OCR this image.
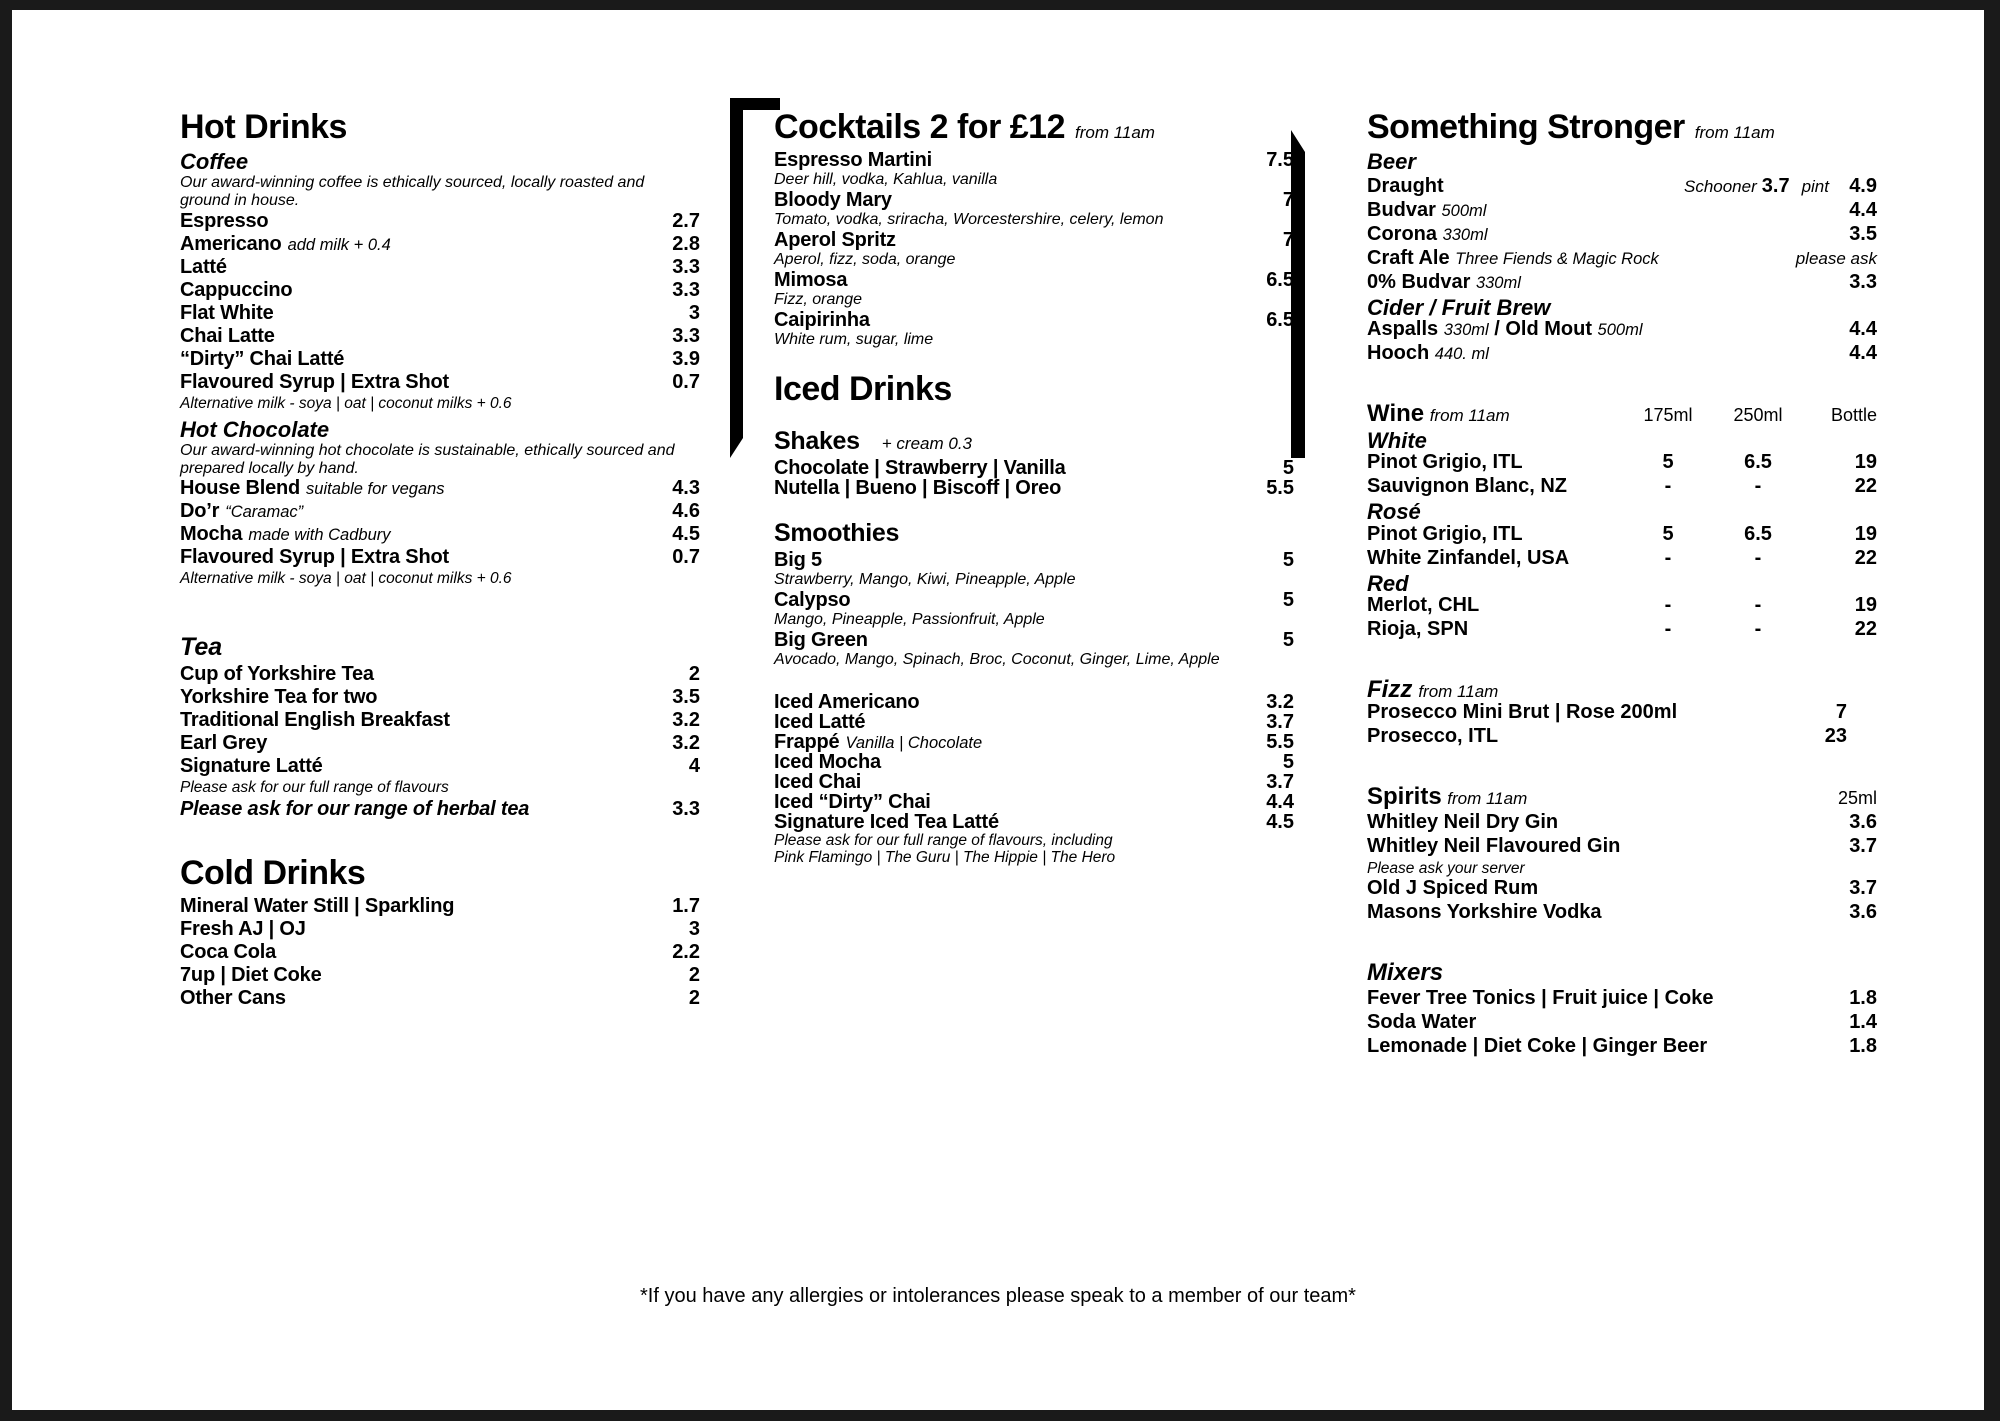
Hot Drinks
Coffee
Our award-winning coffee is ethically sourced, locally roasted and ground in house.
Espresso	2.7
Americano add milk + 0.4	2.8
Latté	3.3
Cappuccino	3.3
Flat White	3
Chai Latte	3.3
“Dirty” Chai Latté	3.9
Flavoured Syrup | Extra Shot	0.7
Alternative milk - soya | oat | coconut milks + 0.6
Hot Chocolate
Our award-winning hot chocolate is sustainable, ethically sourced and prepared locally by hand.
House Blend suitable for vegans	4.3
Do’r “Caramac”	4.6
Mocha made with Cadbury	4.5
Flavoured Syrup | Extra Shot	0.7
Alternative milk - soya | oat | coconut milks + 0.6
Tea
Cup of Yorkshire Tea	2
Yorkshire Tea for two	3.5
Traditional English Breakfast	3.2
Earl Grey	3.2
Signature Latté	4
Please ask for our full range of flavours
Please ask for our range of herbal tea	3.3
Cold Drinks
Mineral Water Still | Sparkling	1.7
Fresh AJ | OJ	3
Coca Cola	2.2
7up | Diet Coke	2
Other Cans	2
Cocktails 2 for £12 from 11am
Espresso Martini	7.5
Deer hill, vodka, Kahlua, vanilla
Bloody Mary	7
Tomato, vodka, sriracha, Worcestershire, celery, lemon
Aperol Spritz	7
Aperol, fizz, soda, orange
Mimosa	6.5
Fizz, orange
Caipirinha	6.5
White rum, sugar, lime
Iced Drinks
Shakes + cream 0.3
Chocolate | Strawberry | Vanilla	5
Nutella | Bueno | Biscoff | Oreo	5.5
Smoothies
Big 5	5
Strawberry, Mango, Kiwi, Pineapple, Apple
Calypso	5
Mango, Pineapple, Passionfruit, Apple
Big Green	5
Avocado, Mango, Spinach, Broc, Coconut, Ginger, Lime, Apple
Iced Americano	3.2
Iced Latté	3.7
Frappé Vanilla | Chocolate	5.5
Iced Mocha	5
Iced Chai	3.7
Iced “Dirty” Chai	4.4
Signature Iced Tea Latté	4.5
Please ask for our full range of flavours, including
Pink Flamingo | The Guru | The Hippie | The Hero
Something Stronger from 11am
Beer
Draught	Schooner 3.7 pint	4.9
Budvar 500ml	4.4
Corona 330ml	3.5
Craft Ale Three Fiends & Magic Rock	please ask
0% Budvar 330ml	3.3
Cider / Fruit Brew
Aspalls 330ml / Old Mout 500ml	4.4
Hooch 440. ml	4.4
Wine from 11am	175ml	250ml	Bottle
White
Pinot Grigio, ITL	5	6.5	19
Sauvignon Blanc, NZ	-	-	22
Rosé
Pinot Grigio, ITL	5	6.5	19
White Zinfandel, USA	-	-	22
Red
Merlot, CHL	-	-	19
Rioja, SPN	-	-	22
Fizz from 11am
Prosecco Mini Brut | Rose 200ml	7
Prosecco, ITL	23
Spirits from 11am	25ml
Whitley Neil Dry Gin	3.6
Whitley Neil Flavoured Gin	3.7
Please ask your server
Old J Spiced Rum	3.7
Masons Yorkshire Vodka	3.6
Mixers
Fever Tree Tonics | Fruit juice | Coke	1.8
Soda Water	1.4
Lemonade | Diet Coke | Ginger Beer	1.8
*If you have any allergies or intolerances please speak to a member of our team*
